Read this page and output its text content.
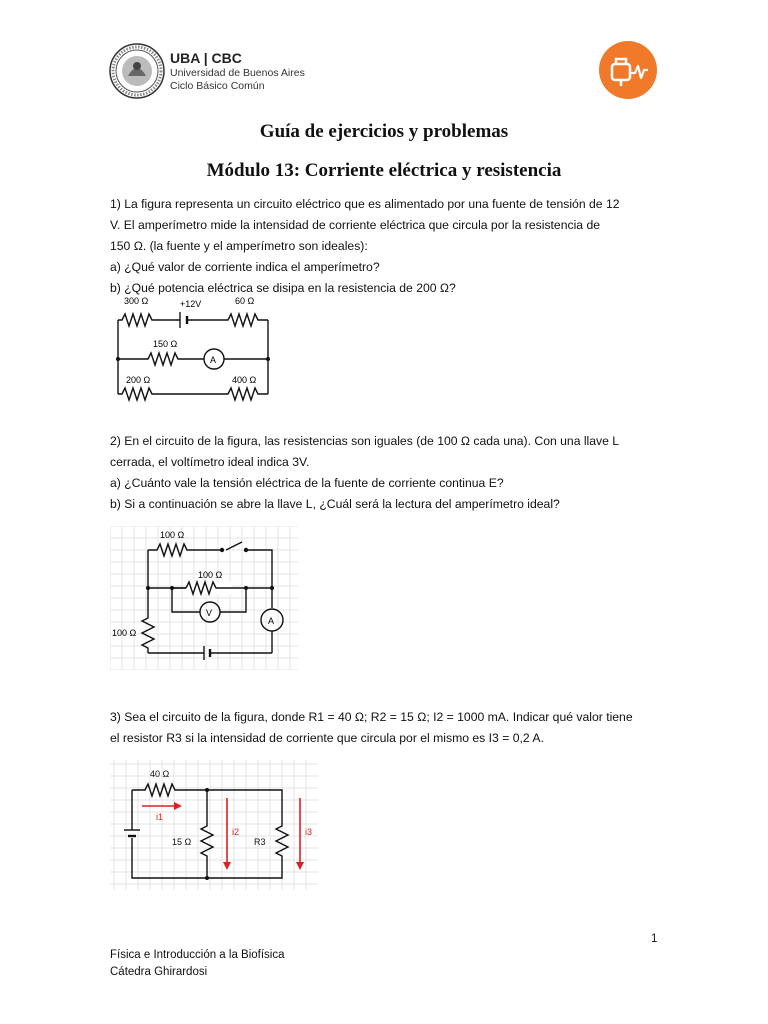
UBA | CBC
Universidad de Buenos Aires
Ciclo Básico Común
Guía de ejercicios y problemas
Módulo 13: Corriente eléctrica y resistencia
1) La figura representa un circuito eléctrico que es alimentado por una fuente de tensión de 12
V. El amperímetro mide la intensidad de corriente eléctrica que circula por la resistencia de
150 Ω. (la fuente y el amperímetro son ideales):
a) ¿Qué valor de corriente indica el amperímetro?
b) ¿Qué potencia eléctrica se disipa en la resistencia de 200 Ω?
300 Ω	+12V	60 Ω
150 Ω
A
200 Ω	400 Ω
2) En el circuito de la figura, las resistencias son iguales (de 100 Ω cada una). Con una llave L
cerrada, el voltímetro ideal indica 3V.
a) ¿Cuánto vale la tensión eléctrica de la fuente de corriente continua E?
b) Si a continuación se abre la llave L, ¿Cuál será la lectura del amperímetro ideal?
100 Ω
100 Ω
V
A
100 Ω
3) Sea el circuito de la figura, donde R1 = 40 Ω; R2 = 15 Ω; I2 = 1000 mA. Indicar qué valor tiene
el resistor R3 si la intensidad de corriente que circula por el mismo es I3 = 0,2 A.
40 Ω
i1
15 Ω
i2
R3
i3
1
Física e Introducción a la Biofísica
Cátedra Ghirardosi
